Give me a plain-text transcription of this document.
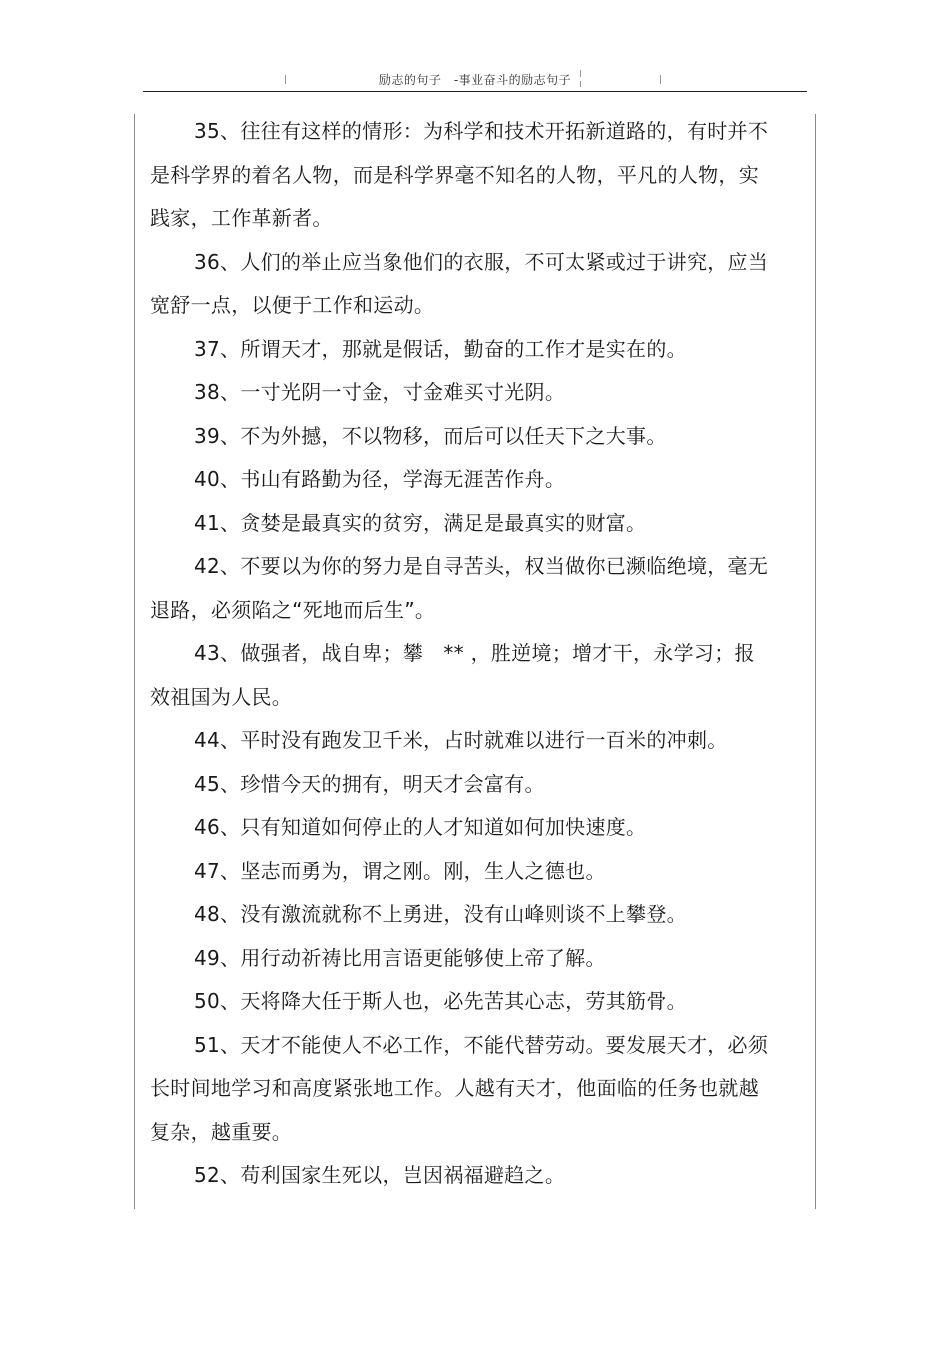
励志的句子　-事业奋斗的励志句子

35、往往有这样的情形：为科学和技术开拓新道路的，有时并不是科学界的着名人物，而是科学界毫不知名的人物，平凡的人物，实践家，工作革新者。

36、人们的举止应当象他们的衣服，不可太紧或过于讲究，应当宽舒一点，以便于工作和运动。

37、所谓天才，那就是假话，勤奋的工作才是实在的。

38、一寸光阴一寸金，寸金难买寸光阴。

39、不为外撼，不以物移，而后可以任天下之大事。

40、书山有路勤为径，学海无涯苦作舟。

41、贪婪是最真实的贫穷，满足是最真实的财富。

42、不要以为你的努力是自寻苦头，权当做你已濒临绝境，毫无退路，必须陷之“死地而后生”。

43、做强者，战自卑；攀　** ，胜逆境；增才干，永学习；报效祖国为人民。

44、平时没有跑发卫千米，占时就难以进行一百米的冲刺。

45、珍惜今天的拥有，明天才会富有。

46、只有知道如何停止的人才知道如何加快速度。

47、坚志而勇为，谓之刚。刚，生人之德也。

48、没有激流就称不上勇进，没有山峰则谈不上攀登。

49、用行动祈祷比用言语更能够使上帝了解。

50、天将降大任于斯人也，必先苦其心志，劳其筋骨。

51、天才不能使人不必工作，不能代替劳动。要发展天才，必须长时间地学习和高度紧张地工作。人越有天才，他面临的任务也就越复杂，越重要。

52、苟利国家生死以，岂因祸福避趋之。
